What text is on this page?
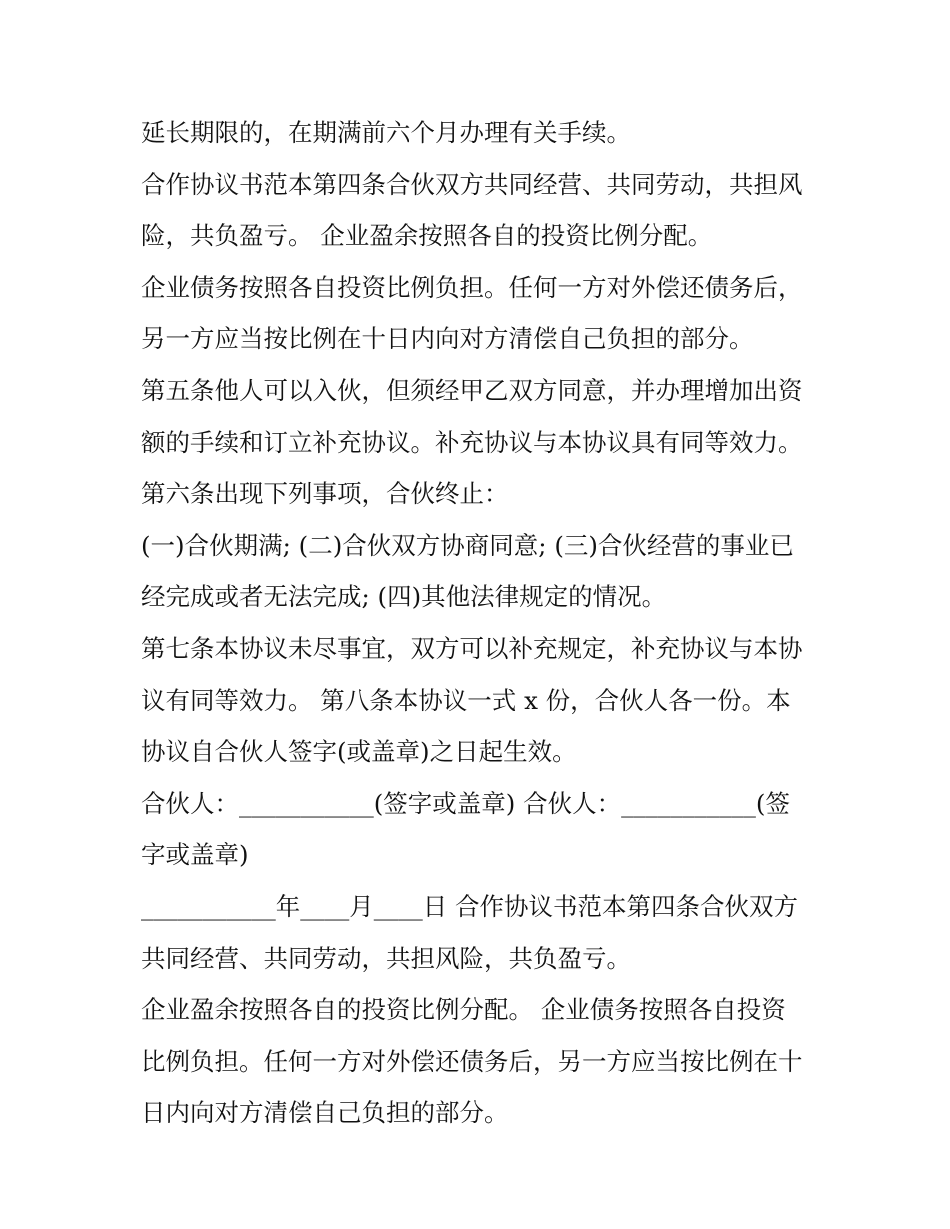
延长期限的，在期满前六个月办理有关手续。
合作协议书范本第四条合伙双方共同经营、共同劳动，共担风
险，共负盈亏。 企业盈余按照各自的投资比例分配。
企业债务按照各自投资比例负担。任何一方对外偿还债务后，
另一方应当按比例在十日内向对方清偿自己负担的部分。
第五条他人可以入伙，但须经甲乙双方同意，并办理增加出资
额的手续和订立补充协议。补充协议与本协议具有同等效力。
第六条出现下列事项，合伙终止：
(一)合伙期满; (二)合伙双方协商同意; (三)合伙经营的事业已
经完成或者无法完成; (四)其他法律规定的情况。
第七条本协议未尽事宜，双方可以补充规定，补充协议与本协
议有同等效力。 第八条本协议一式 x 份，合伙人各一份。本
协议自合伙人签字(或盖章)之日起生效。
合伙人：___________(签字或盖章) 合伙人：___________(签
字或盖章)
___________年____月____日 合作协议书范本第四条合伙双方
共同经营、共同劳动，共担风险，共负盈亏。
企业盈余按照各自的投资比例分配。 企业债务按照各自投资
比例负担。任何一方对外偿还债务后，另一方应当按比例在十
日内向对方清偿自己负担的部分。
